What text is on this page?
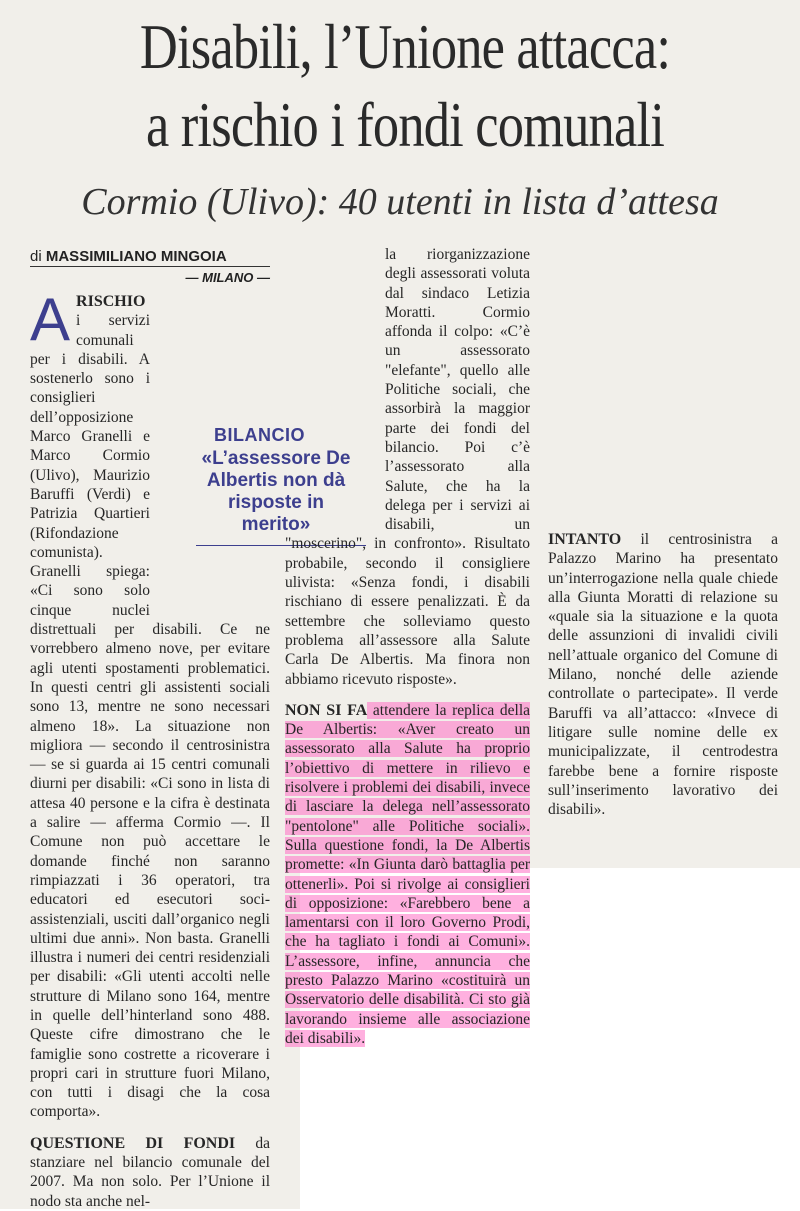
Disabili, l’Unione attacca:
a rischio i fondi comunali
Cormio (Ulivo): 40 utenti in lista d’attesa
di MASSIMILIANO MINGOIA
— MILANO —

A RISCHIO i servizi comunali per i disabili. A sostenerlo sono i consiglieri dell’opposizione Marco Granelli e Marco Cormio (Ulivo), Maurizio Baruffi (Verdi) e Patrizia Quartieri (Rifondazione comunista). Granelli spiega: «Ci sono solo cinque nuclei distrettuali per disabili. Ce ne vorrebbero almeno nove, per evitare agli utenti spostamenti problematici. In questi centri gli assistenti sociali sono 13, mentre ne sono necessari almeno 18». La situazione non migliora — secondo il centrosinistra — se si guarda ai 15 centri comunali diurni per disabili: «Ci sono in lista di attesa 40 persone e la cifra è destinata a salire — afferma Cormio —. Il Comune non può accettare le domande finché non saranno rimpiazzati i 36 operatori, tra educatori ed esecutori soci-assistenziali, usciti dall’organico negli ultimi due anni». Non basta. Granelli illustra i numeri dei centri residenziali per disabili: «Gli utenti accolti nelle strutture di Milano sono 164, mentre in quelle dell’hinterland sono 488. Queste cifre dimostrano che le famiglie sono costrette a ricoverare i propri cari in strutture fuori Milano, con tutti i disagi che la cosa comporta».

QUESTIONE DI FONDI da stanziare nel bilancio comunale del 2007. Ma non solo. Per l’Unione il nodo sta anche nel-

BILANCIO
«L’assessore De Albertis non dà risposte in merito»

la riorganizzazione degli assessorati voluta dal sindaco Letizia Moratti. Cormio affonda il colpo: «C’è un assessorato "elefante", quello alle Politiche sociali, che assorbirà la maggior parte dei fondi del bilancio. Poi c’è l’assessorato alla Salute, che ha la delega per i servizi ai disabili, un "moscerino", in confronto». Risultato probabile, secondo il consigliere ulivista: «Senza fondi, i disabili rischiano di essere penalizzati. È da settembre che solleviamo questo problema all’assessore alla Salute Carla De Albertis. Ma finora non abbiamo ricevuto risposte».

NON SI FA attendere la replica della De Albertis: «Aver creato un assessorato alla Salute ha proprio l’obiettivo di mettere in rilievo e risolvere i problemi dei disabili, invece di lasciare la delega nell’assessorato "pentolone" alle Politiche sociali». Sulla questione fondi, la De Albertis promette: «In Giunta darò battaglia per ottenerli». Poi si rivolge ai consiglieri di opposizione: «Farebbero bene a lamentarsi con il loro Governo Prodi, che ha tagliato i fondi ai Comuni». L’assessore, infine, annuncia che presto Palazzo Marino «costituirà un Osservatorio delle disabilità. Ci sto già lavorando insieme alle associazione dei disabili».

INTANTO il centrosinistra a Palazzo Marino ha presentato un’interrogazione nella quale chiede alla Giunta Moratti di relazione su «quale sia la situazione e la quota delle assunzioni di invalidi civili nell’attuale organico del Comune di Milano, nonché delle aziende controllate o partecipate». Il verde Baruffi va all’attacco: «Invece di litigare sulle nomine delle ex municipalizzate, il centrodestra farebbe bene a fornire risposte sull’inserimento lavorativo dei disabili».
